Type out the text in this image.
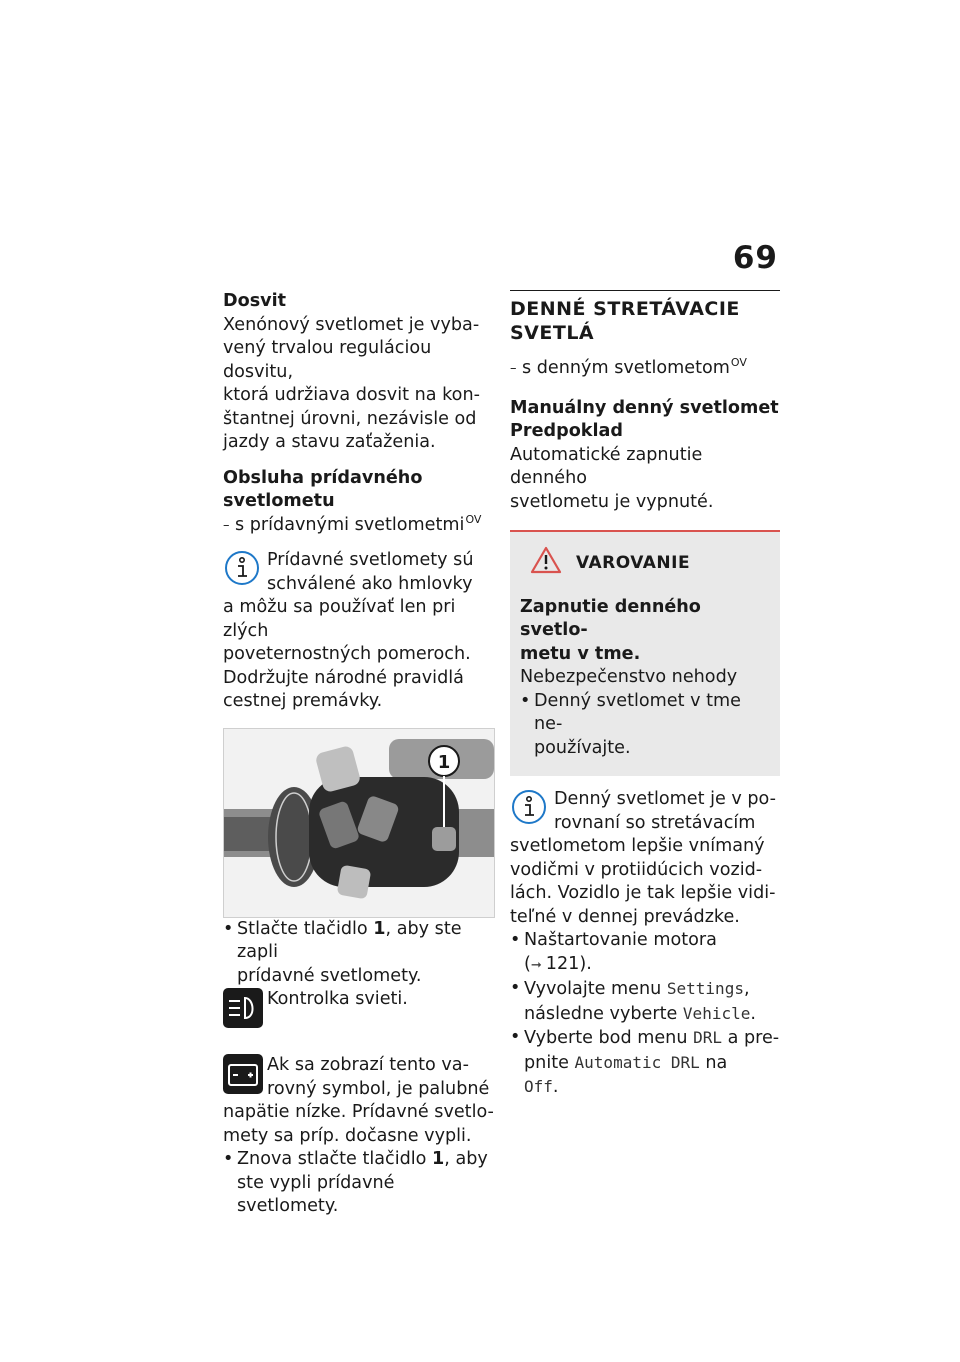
69

Dosvit

Xenónový svetlomet je vyba-

vený trvalou reguláciou dosvitu,

ktorá udržiava dosvit na kon-

štantnej úrovni, nezávisle od

jazdy a stavu zaťaženia.

Obsluha prídavného

svetlometu

– s prídavnými svetlometmi OV

Prídavné svetlomety sú

schválené ako hmlovky

a môžu sa používať len pri zlých

poveternostných pomeroch.

Dodržujte národné pravidlá

cestnej premávky.

1
• Stlačte tlačidlo 1, aby ste zapli
prídavné svetlomety.

Kontrolka svieti.

Ak sa zobrazí tento va-

rovný symbol, je palubné

napätie nízke. Prídavné svetlo-

mety sa príp. dočasne vypli.

• Znova stlačte tlačidlo 1, aby
ste vypli prídavné svetlomety.

DENNÉ STRETÁVACIE

SVETLÁ

– s denným svetlometom OV

Manuálny denný svetlomet

Predpoklad

Automatické zapnutie denného

svetlometu je vypnuté.

VAROVANIE

Zapnutie denného svetlo-

metu v tme.

Nebezpečenstvo nehody

• Denný svetlomet v tme ne-
používajte.

Denný svetlomet je v po-

rovnaní so stretávacím

svetlometom lepšie vnímaný

vodičmi v protiidúcich vozid-

lách. Vozidlo je tak lepšie vidi-

teľné v dennej prevádzke.

• Naštartovanie motora
(➞ 121).
• Vyvolajte menu Settings,
následne vyberte Vehicle.
• Vyberte bod menu DRL a pre-
pnite Automatic DRL na
Off.
